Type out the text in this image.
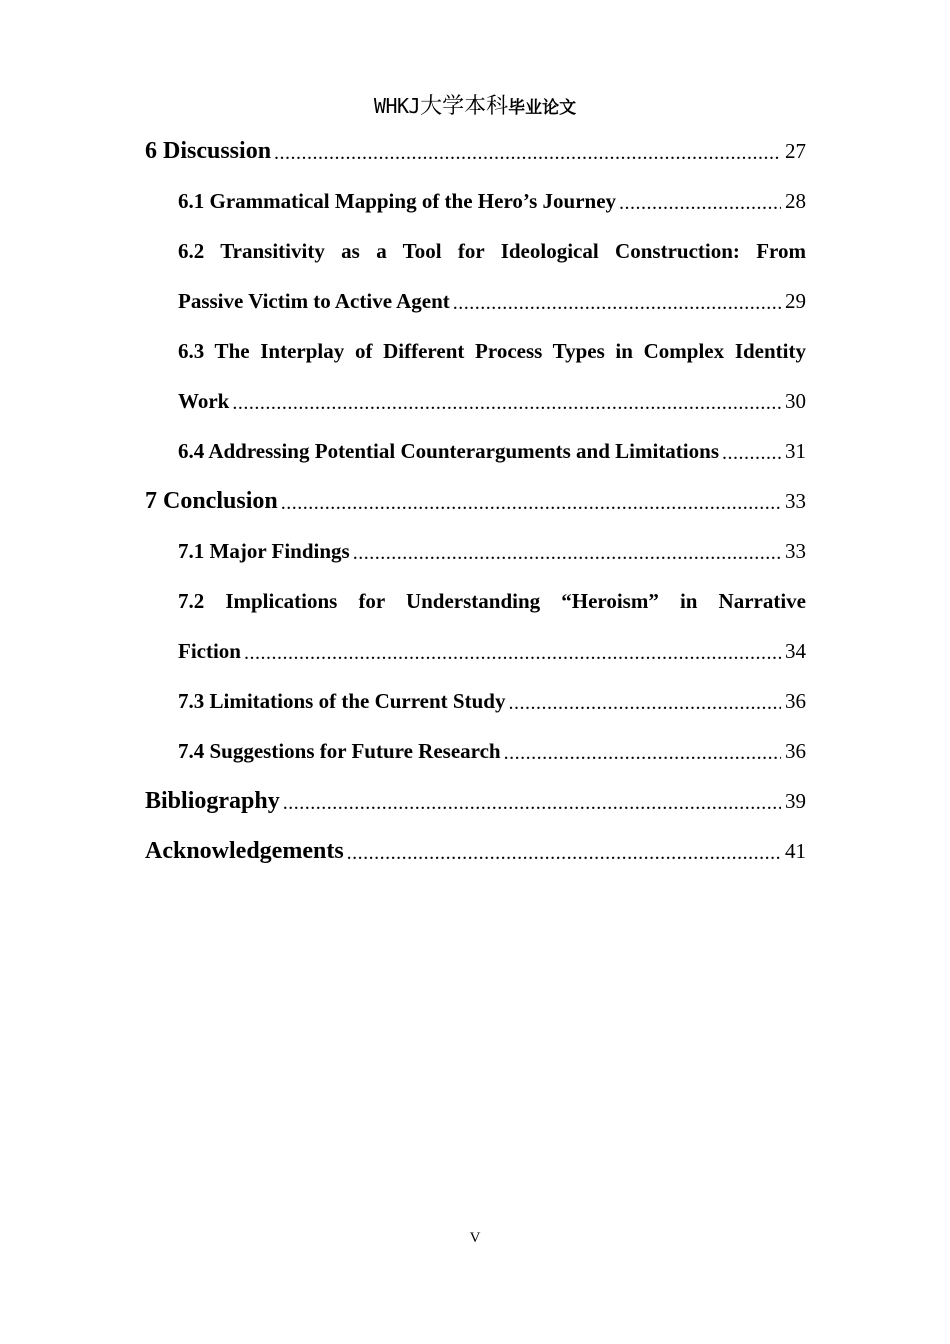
WHKJ大学本科毕业论文
6 Discussion .....	27
6.1 Grammatical Mapping of the Hero’s Journey .....	28
6.2 Transitivity as a Tool for Ideological Construction: From
Passive Victim to Active Agent .....	29
6.3 The Interplay of Different Process Types in Complex Identity
Work .....	30
6.4 Addressing Potential Counterarguments and Limitations .....	31
7 Conclusion .....	33
7.1 Major Findings .....	33
7.2 Implications for Understanding “Heroism” in Narrative
Fiction .....	34
7.3 Limitations of the Current Study .....	36
7.4 Suggestions for Future Research .....	36
Bibliography .....	39
Acknowledgements .....	41
V
